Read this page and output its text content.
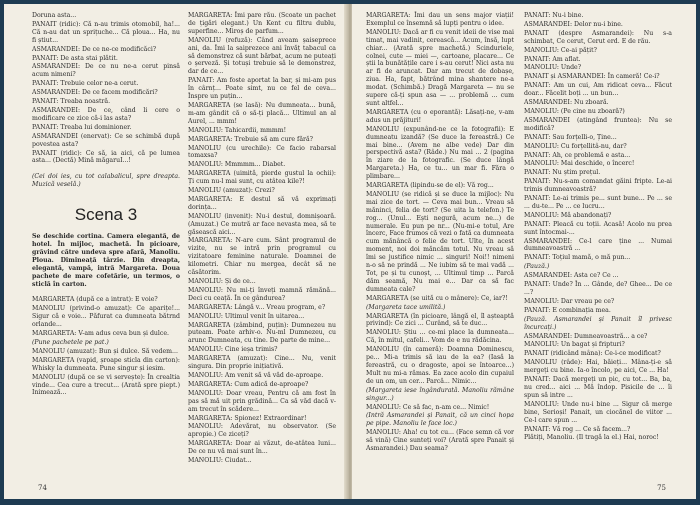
Doruna asta...

PANAIT (ridic): Că n-au trimis otomobil, ha!... Că n-au dat un sprițuche... Că ploua... Ha, nu fi știut...

ASMARANDEI: De ce ne-ce modificăci?

PANAIT: De asta stai plătit.

ASMARANDEI: De ce nu ne-a cerut pinsă acum nimeni?

PANAIT: Trebuie celor ne-a cerut.

ASMARANDEI: De ce facem modificări?

PANAIT: Treaba noastră.

ASMARANDEI: De ce, când li cere o modificare ce zice că-i las asta?

PANAIT: Treaba lui dominioner.

ASMARANDEI (enervat): Ce se schimbă după povestea asta?

PANAIT (ridic): Ce să, ia aici, că pe lumea asta... (Dectă) Mină măgaruI...!

(Cei doi ies, cu tot calabalicul, spre dreapta. Muzică veselă.)

Scena 3

Se deschide cortina. Camera elegantă, de hotel. În mijloc, machetă. În picioare, grăvind către undeva spre afară, Manoliu. Ploua. Dimineață târzie. Din dreapta, elegantă, vampă, intră Margareta. Doua pachete de mare cofetărie, un termos, o sticlă în carton.

MARGARETA (după ce a intrat): E voie?

MANOLIU (privind-o amuzat): Ce aparițe!... Sigur că e voie... Păfurat ca dumneata bătrnd orlande...

MARGARETA: V-am adus ceva bun și dulce.

(Pune pachetele pe pat.)

MANOLIU (amuzat): Bun și dulce. Să vedem...

MARGARETA (vapid, șroape sticla din carton): Whisky la dumneata. Pune singur și iesim.

MANOLIU (după ce se vi servește): În crealtia vinde... Cea cure a trecut... (Arată spre piept.) Inimează...

MARGARETA: Îmi pare rău. (Scoate un pachet de țigări elegant.) Un Kent cu filtru dublu, superfine... Miroș de parfum...

MANOLIU (refuză): Când aveam șaiseprece ani, da. Îmi la saiprezece ani învăț tabacul ca să demonstrez că sunt bărbat, acum ne puteați o șerveză. Și totuși trebuie să le demonstrez, dar de ce...

PANAIT: Am foste aportat la bar, și mi-am pus în cârnț... Poate simt, nu ce fel de ceva... Înspre un puțin...

MARGARETA (se lasă): Nu dumneata... bună, m-am gândit că o să-ți placă... Ultimul an al Aurel, ... mmm!

MANOLIU: Tahicardii, mmmm!

MARGARETA: Trebuie să am cure fără?

MANOLIU (cu urechile): Ce facio rabarsal tomaxsa?

MANOLIU: Mmmmm... Diabet.

MARGARETA (uimită, pierde gustul la ochii): Ți cum nu-l mai sunt, cu atâtea kile?!

MANOLIU (amuzat): Crezi?

MARGARETA: E destul să vă exprimați dorința...

MANOLIU (invenit): Nu-i destul, domnișoară. (Amuzat.) Ce mutră ar face nevasta mea, să te găsească aici...

MARGARETA: N-are cum. Sânt programul de vizite, nu se intră prin programul cu vizitatoare feminine naturale. Doamnei de kilometri. Chiar nu mergea, decât să ne căsătorim.

MANOLIU: Și de ce...

MANOLIU: Nu mi-ți înveți mamnă rămănă... Deci cu ceață. În ce gândurea?

MARGARETA: Lângă v... Vreau program, e?

MANOLIU: Ultimul venit în uitarea...

MARGARETA (zâmbind, puțin): Dumnezeu nu puteam. Poate arhiv-o. Nu-ml Dumnezeu, cu arunc Dumneata, cu tine. De parte de mine...

MANOLIU: Cine ieșa trimis?

MARGARETA (amuzat): Cine... Nu, venit singura. Din proprie inițiativă.

MANOLIU: Am venit să vă văd de-aproape.

MARGARETA: Cum adică de-aproape?

MANOLIU: Doar vreau, Pentru că am fost în pas să mă uit prin grădină... Ca să văd dacă v-am trecut în scădere...

MARGARETA: Spionez! Extraordinar!

MANOLIU: Adevărat, nu observator. (Se apropie.) Ce ziceți?

MARGARETA: Doar ai văzut, de-atâtea luni... De ce nu vă mai sunt în...

MANOLIU: Ciudat...

74

MARGARETA: Îmi dau un sens major viații! Exemplul ce însemnă să lupți pentru o idee.

MANOLIU: Dacă ar fi cu venit ideii de vise mai timat, mai vadinit, cerească... Acum, însă, lupt chiar... (Arată spre machetă.) Scinduriele, colnei, cute — miei —, cartoane, placare... Ce știi la bunătățile care i s-au cerut! Nici asta nu ar fi de aruncat. Dar am trecut de dobașe, ziua. Ha, fapt, bătrând mina shantere ne-a modat. (Schimbă.) Dragă Margareta — nu se supere că-ți spun asa — ... problemă ... cum sunt altfel...

MARGARETA (cu o eporantă): Lăsați-ne, v-am adus un prăjituri!

MANOLIU (expunând-ne ce la fotografii): E dumneatu izandă? (Se duce la fereastră.) Ce mai bine... (Avem ne albe vede) Dar din perspectivă asta? (Râde.) Nu mai ... 2 (pagina în ziare de la fotografic. (Se duce lângă Margareta.) Ha, ce tu... un mar fi. Făra o plimbare...

MARGARETA (lipindu-se de el): Vă rog...

MANOLIU (se ridică și se duce la mijloc): Nu mai zice de tort. — Ceva mai bun... Vreau să măninci, felia de tort? (Se uita la telefon.) Te rog... (Unul... Ești negură, acum ne...) de numerale. Eu pun pe nr... (Nu-mi-e totul, Are încerc, Face frumos că vezi o fată ca dumneata cum mănâncă o felie de tort. Ulte, în acest moment, noi doi măncăm totul. Nu vreau să îmi se justifice nimic ... singuri! Noi!! nimeni n-o să ne prindă ... Ne iubim să te mai vadă ... Tot, pe și tu cunoșt, ... Ultimul timp ... Parcă dăm seamă, Nu mai e... Dar ca să fac dumneata cale?

MARGARETA (se uită cu o mânere): Ce, iar?!

(Margareta tace umilită.)

MARGARETA (în picioare, lângă el, îl așteaptă privind): Ce zici ... Curând, să te duc...

MANOLIU: Știu ... ce-mi place la dumneata... Că, în mitul, cafeli... Vom de e nu rădăcina.

MANOLIU (în cameră): Doamna Dominescu, pe... Mi-a trimis să iau de la ea? (Iasă la fereastră, cu o dragoste, apoi se întoarce...) Mult nu mi-a rămas. Ea zace acolo din cupaiul de un om, un cer... Parcă... Nimic...

(Margareta iese îngândurată. Manoliu rămâne singur...)

MANOLIU: Ce să fac, n-am ce... Nimic!

(Intră Asmarandei și Panait, că un cinci hopa pe pipe. Manoliu le face loc.)

MANOLIU: Aha! cu tot cu... (Face semn că vor să vină) Cine sunteți voi? (Arată spre Panait și Asmarandei.) Dau seama?

PANAIT: Nu-i bine.

ASMARANDEI: Delor nu-i bine.

PANAIT (despre Asmarandei): Nu s-a schimbat, Ce cerut, Cerut erd. E de rău.

MANOLIU: Ce-ai pățit?

PANAIT: Am aflat.

MANOLIU: Unde?

PANAIT și ASMARANDEI: În cameră! Ce-i?

PANAIT: Am un cui, Am ridicat ceva... Făcut doar... Făcelit boți ... un bun...

ASMARANDEI: Nu zboară.

MANOLIU: (Pe cine nu zboară?)

ASMARANDEI (atingând fruntea): Nu se modifică?

PANAIT: Sau forțelli-o, Ține...

MANOLIU: Cu forțellitâ-nu, dar?

PANAIT: Ah, ce problemă e asta...

MANOLIU: Mai deschide, o încerc!

PANAIT: Nu știm prețul.

PANAIT: Nu-s-am comandat găini fripte. Le-ai trimis dumneavoastră?

PANAIT: Le-ai trimis pe... sunt bune... Pe ... se ... du-te... Pe ... ce lucru...

MANOLIU: Mă abandonați?

PANAIT: Pleacă cu toții. Acasă! Acolo nu prea sunt întocmai-...

ASMARANDEI: Ce-l care ține ... Numai dumneavoastră ...

PANAIT: Toțiul mamă, o mă pun...

(Pauză.)

ASMARANDEI: Asta ce? Ce ...

PANAIT: Unde? În ... Gânde, de? Ghee... De ce ...?

MANOLIU: Dar vreau pe ce?

PANAIT: E combinația mea.

(Pauză. Asmarandei și Panait îl privesc încurcați.)

ASMARANDEI: Dumneavoastră... a ce?

MANOLIU: Un bagat și fripturi?

PANAIT (ridicând mâna): Ce-i-ce modificat?

MANOLIU (râde): Hai, băieți... Mâna-ți-e să mergeți cu bine. Ia-o încolo, pe aici, Ce ... Ha!

PANAIT: Dacă mergeți un pic, cu tot... Ba, ba, nu cred... aici ... Mă îndop. Pisicile de ... îi spun să intre ...

MANOLIU: Unde nu-i bine ... Sigur că merge bine, Serioși! Panait, un ciocănel de viitor ... Ce-l care spun ...

PANAIT: Vă rog ... Ce să facem...?

Plătiți, Manoliu. (Il tragă la el.) Hai, noroc!

75
